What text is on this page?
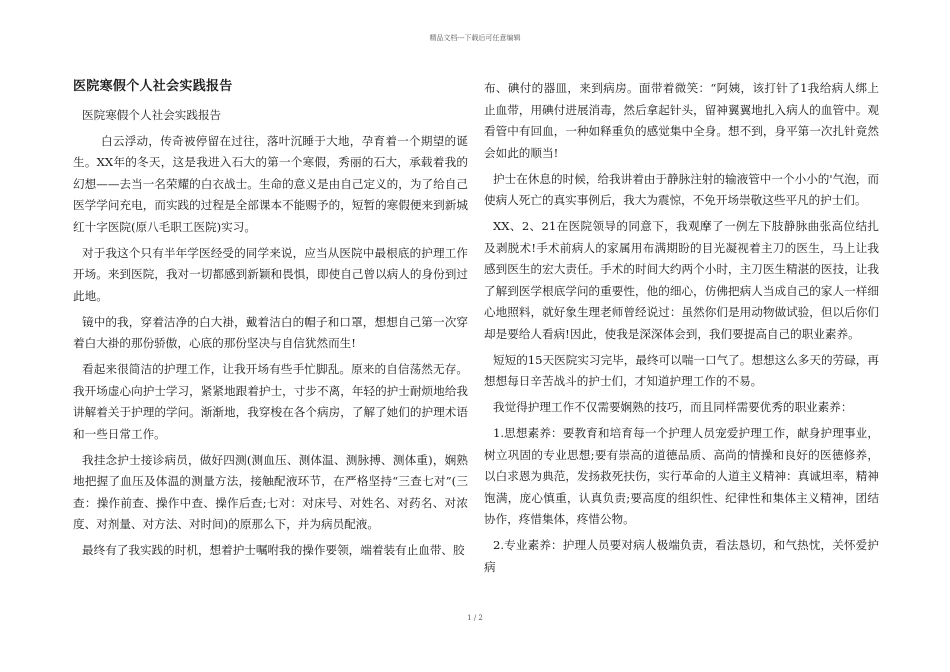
精品文档---下载后可任意编辑
医院寒假个人社会实践报告
医院寒假个人社会实践报告

白云浮动，传奇被停留在过往，落叶沉睡于大地，孕育着一个期望的诞生。XX年的冬天，这是我进入石大的第一个寒假，秀丽的石大，承载着我的幻想——去当一名荣耀的白衣战士。生命的意义是由自己定义的，为了给自己医学学问充电，而实践的过程是全部课本不能赐予的，短暂的寒假便来到新城红十字医院(原八毛职工医院)实习。

对于我这个只有半年学医经受的同学来说，应当从医院中最根底的护理工作开场。来到医院，我对一切都感到新颖和畏惧，即使自己曾以病人的身份到过此地。

镜中的我，穿着洁净的白大褂，戴着洁白的帽子和口罩，想想自己第一次穿着白大褂的那份骄傲，心底的那份坚决与自信犹然而生!

看起来很简洁的护理工作，让我开场有些手忙脚乱。原来的自信荡然无存。我开场虚心向护士学习，紧紧地跟着护士，寸步不离，年轻的护士耐烦地给我讲解着关于护理的学问。渐渐地，我穿梭在各个病房，了解了她们的护理术语和一些日常工作。

我挂念护士接诊病员，做好四测(测血压、测体温、测脉搏、测体重)，娴熟地把握了血压及体温的测量方法，接触配液环节，在严格坚持“三查七对”(三查：操作前查、操作中查、操作后查;七对：对床号、对姓名、对药名、对浓度、对剂量、对方法、对时间)的原那么下，并为病员配液。

最终有了我实践的时机，想着护士嘱咐我的操作要领，端着装有止血带、胶

布、碘付的器皿，来到病房。面带着微笑：“阿姨，该打针了1我给病人绑上止血带，用碘付进展消毒，然后拿起针头，留神翼翼地扎入病人的血管中。观看管中有回血，一种如释重负的感觉集中全身。想不到，身平第一次扎针竟然会如此的顺当!

护士在休息的时候，给我讲着由于静脉注射的输液管中一个小小的'气泡，而使病人死亡的真实事例后，我大为震惊，不免开场崇敬这些平凡的护士们。

XX、2、21在医院领导的同意下，我观摩了一例左下肢静脉曲张高位结扎及剥脱术!手术前病人的家属用布满期盼的目光凝视着主刀的医生，马上让我感到医生的宏大责任。手术的时间大约两个小时，主刀医生精湛的医技，让我了解到医学根底学问的重要性，他的细心，仿佛把病人当成自己的家人一样细心地照料，就好象生理老师曾经说过：虽然你们是用动物做试验，但以后你们却是要给人看病!因此，使我是深深体会到，我们要提高自己的职业素养。

短短的15天医院实习完毕，最终可以喘一口气了。想想这么多天的劳碌，再想想每日辛苦战斗的护士们，才知道护理工作的不易。

我觉得护理工作不仅需要娴熟的技巧，而且同样需要优秀的职业素养：

1.思想素养：要教育和培育每一个护理人员宠爱护理工作，献身护理事业，树立巩固的专业思想;要有崇高的道德品质、高尚的情操和良好的医德修养，以白求恩为典范，发扬救死扶伤，实行革命的人道主义精神：真诚坦率，精神饱满，庞心慎重，认真负责;要高度的组织性、纪律性和集体主义精神，团结协作，疼惜集体，疼惜公物。

2.专业素养：护理人员要对病人极端负责，看法恳切，和气热忱，关怀爱护病

1 / 2
